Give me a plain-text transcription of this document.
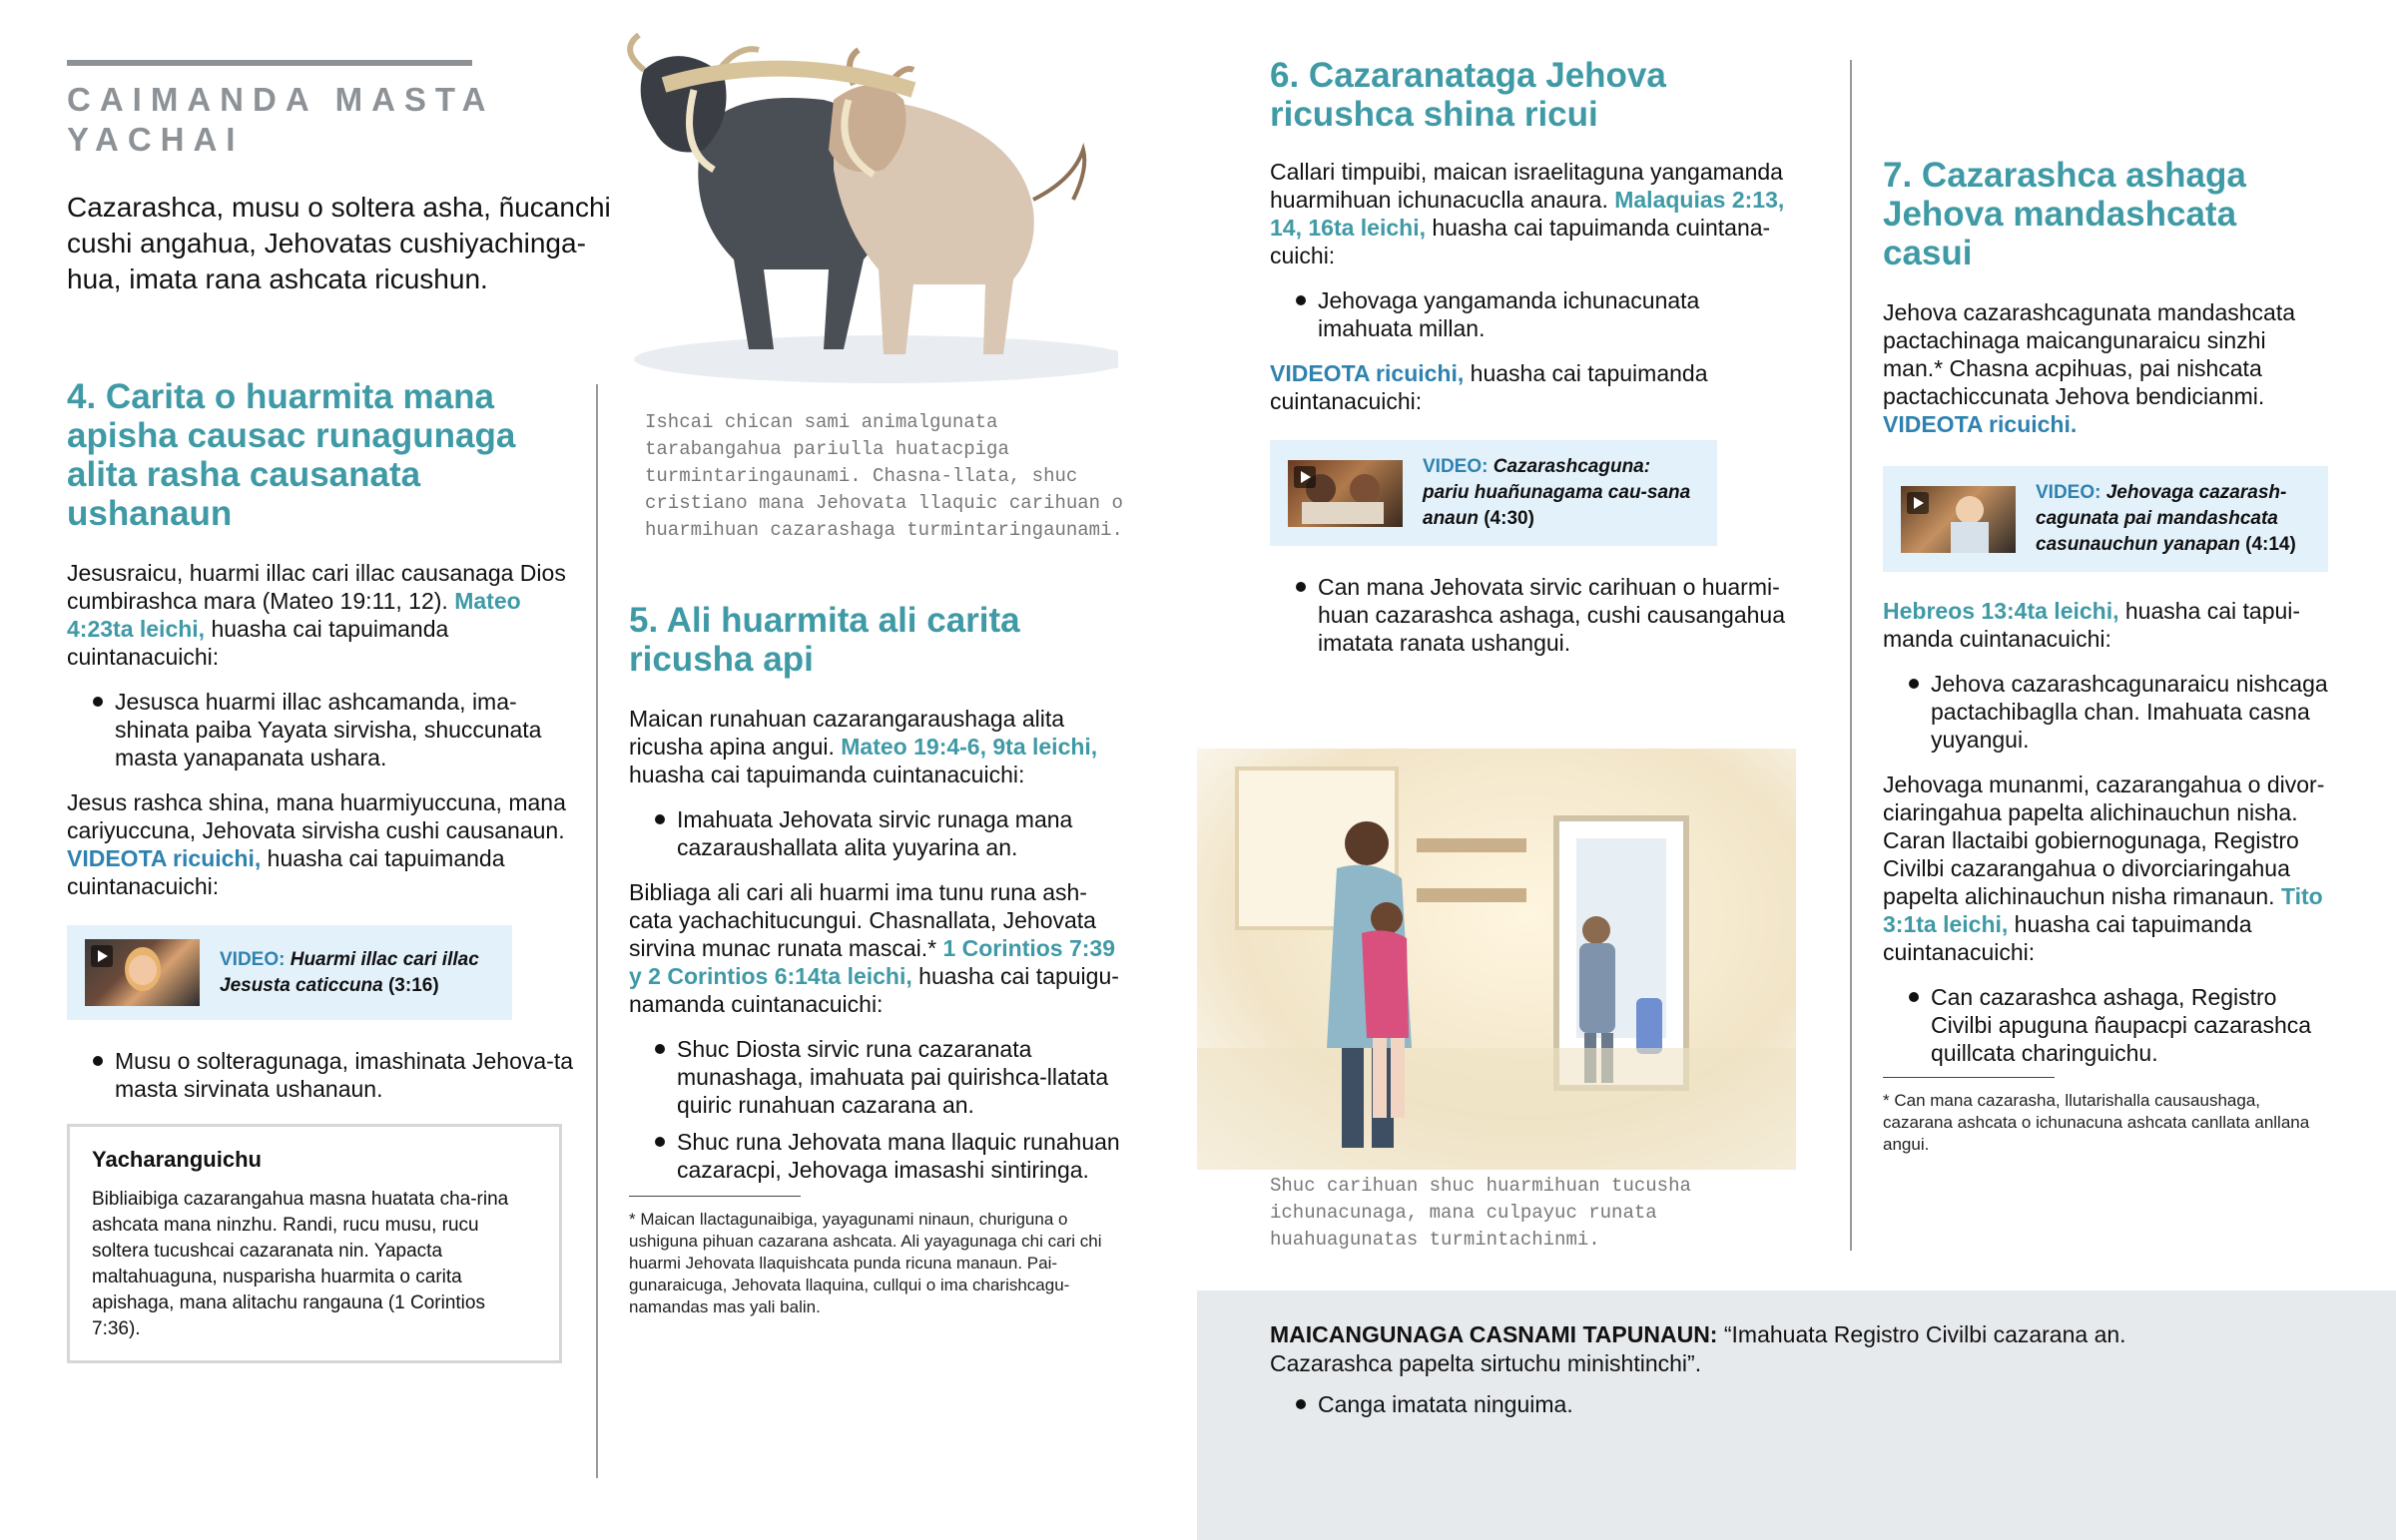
CAIMANDA MASTA YACHAI
Cazarashca, musu o soltera asha, ñucanchi cushi angahua, Jehovatas cushiyachinga-hua, imata rana ashcata ricushun.
4. Carita o huarmita mana apisha causac runagunaga alita rasha causanata ushanaun

Jesusraicu, huarmi illac cari illac causanaga Dios cumbirashca mara (Mateo 19:11, 12). Mateo 4:23ta leichi, huasha cai tapuimanda cuintanacuichi:

Jesusca huarmi illac ashcamanda, ima-shinata paiba Yayata sirvisha, shuccunata masta yanapanata ushara.

Jesus rashca shina, mana huarmiyuccuna, mana cariyuccuna, Jehovata sirvisha cushi causanaun. VIDEOTA ricuichi, huasha cai tapuimanda cuintanacuichi:

VIDEO: Huarmi illac cari illac Jesusta caticcuna (3:16)
Musu o solteragunaga, imashinata Jehova-ta masta sirvinata ushanaun.
Yacharanguichu

Bibliaibiga cazarangahua masna huatata cha-rina ashcata mana ninzhu. Randi, rucu musu, rucu soltera tucushcai cazaranata nin. Yapacta maltahuaguna, nusparisha huarmita o carita apishaga, mana alitachu rangauna (1 Corintios 7:36).

Ishcai chican sami animalgunata tarabangahua pariulla huatacpiga turmintaringaunami. Chasna-llata, shuc cristiano mana Jehovata llaquic carihuan o huarmihuan cazarashaga turmintaringaunami.
5. Ali huarmita ali carita ricusha api

Maican runahuan cazarangaraushaga alita ricusha apina angui. Mateo 19:4-6, 9ta leichi, huasha cai tapuimanda cuintanacuichi:

Imahuata Jehovata sirvic runaga mana cazaraushallata alita yuyarina an.

Bibliaga ali cari ali huarmi ima tunu runa ash-cata yachachitucungui. Chasnallata, Jehovata sirvina munac runata mascai.* 1 Corintios 7:39 y 2 Corintios 6:14ta leichi, huasha cai tapuigu-namanda cuintanacuichi:

Shuc Diosta sirvic runa cazaranata munashaga, imahuata pai quirishca-llatata quiric runahuan cazarana an.
Shuc runa Jehovata mana llaquic runahuan cazaracpi, Jehovaga imasashi sintiringa.

* Maican llactagunaibiga, yayagunami ninaun, churiguna o ushiguna pihuan cazarana ashcata. Ali yayagunaga chi cari chi huarmi Jehovata llaquishcata punda ricuna manaun. Pai-gunaraicuga, Jehovata llaquina, cullqui o ima charishcagu-namandas mas yali balin.

6. Cazaranataga Jehova ricushca shina ricui

Callari timpuibi, maican israelitaguna yangamanda huarmihuan ichunacuclla anaura. Malaquias 2:13, 14, 16ta leichi, huasha cai tapuimanda cuintana-cuichi:

Jehovaga yangamanda ichunacunata imahuata millan.

VIDEOTA ricuichi, huasha cai tapuimanda cuintanacuichi:

VIDEO: Cazarashcaguna: pariu huañunagama cau-sana anaun (4:30)
Can mana Jehovata sirvic carihuan o huarmi-huan cazarashca ashaga, cushi causangahua imatata ranata ushangui.
Shuc carihuan shuc huarmihuan tucusha ichunacunaga, mana culpayuc runata huahuagunatas turmintachinmi.
7. Cazarashca ashaga Jehova mandashcata casui

Jehova cazarashcagunata mandashcata pactachinaga maicangunaraicu sinzhi man.* Chasna acpihuas, pai nishcata pactachiccunata Jehova bendicianmi. VIDEOTA ricuichi.

VIDEO: Jehovaga cazarash-cagunata pai mandashcata casunauchun yanapan (4:14)

Hebreos 13:4ta leichi, huasha cai tapui-manda cuintanacuichi:

Jehova cazarashcagunaraicu nishcaga pactachibaglla chan. Imahuata casna yuyangui.

Jehovaga munanmi, cazarangahua o divor-ciaringahua papelta alichinauchun nisha. Caran llactaibi gobiernogunaga, Registro Civilbi cazarangahua o divorciaringahua papelta alichinauchun nisha rimanaun. Tito 3:1ta leichi, huasha cai tapuimanda cuintanacuichi:

Can cazarashca ashaga, Registro Civilbi apuguna ñaupacpi cazarashca quillcata charinguichu.

* Can mana cazarasha, llutarishalla causaushaga, cazarana ashcata o ichunacuna ashcata canllata anllana angui.

MAICANGUNAGA CASNAMI TAPUNAUN: “Imahuata Registro Civilbi cazarana an. Cazarashca papelta sirtuchu minishtinchi”.

Canga imatata ninguima.
